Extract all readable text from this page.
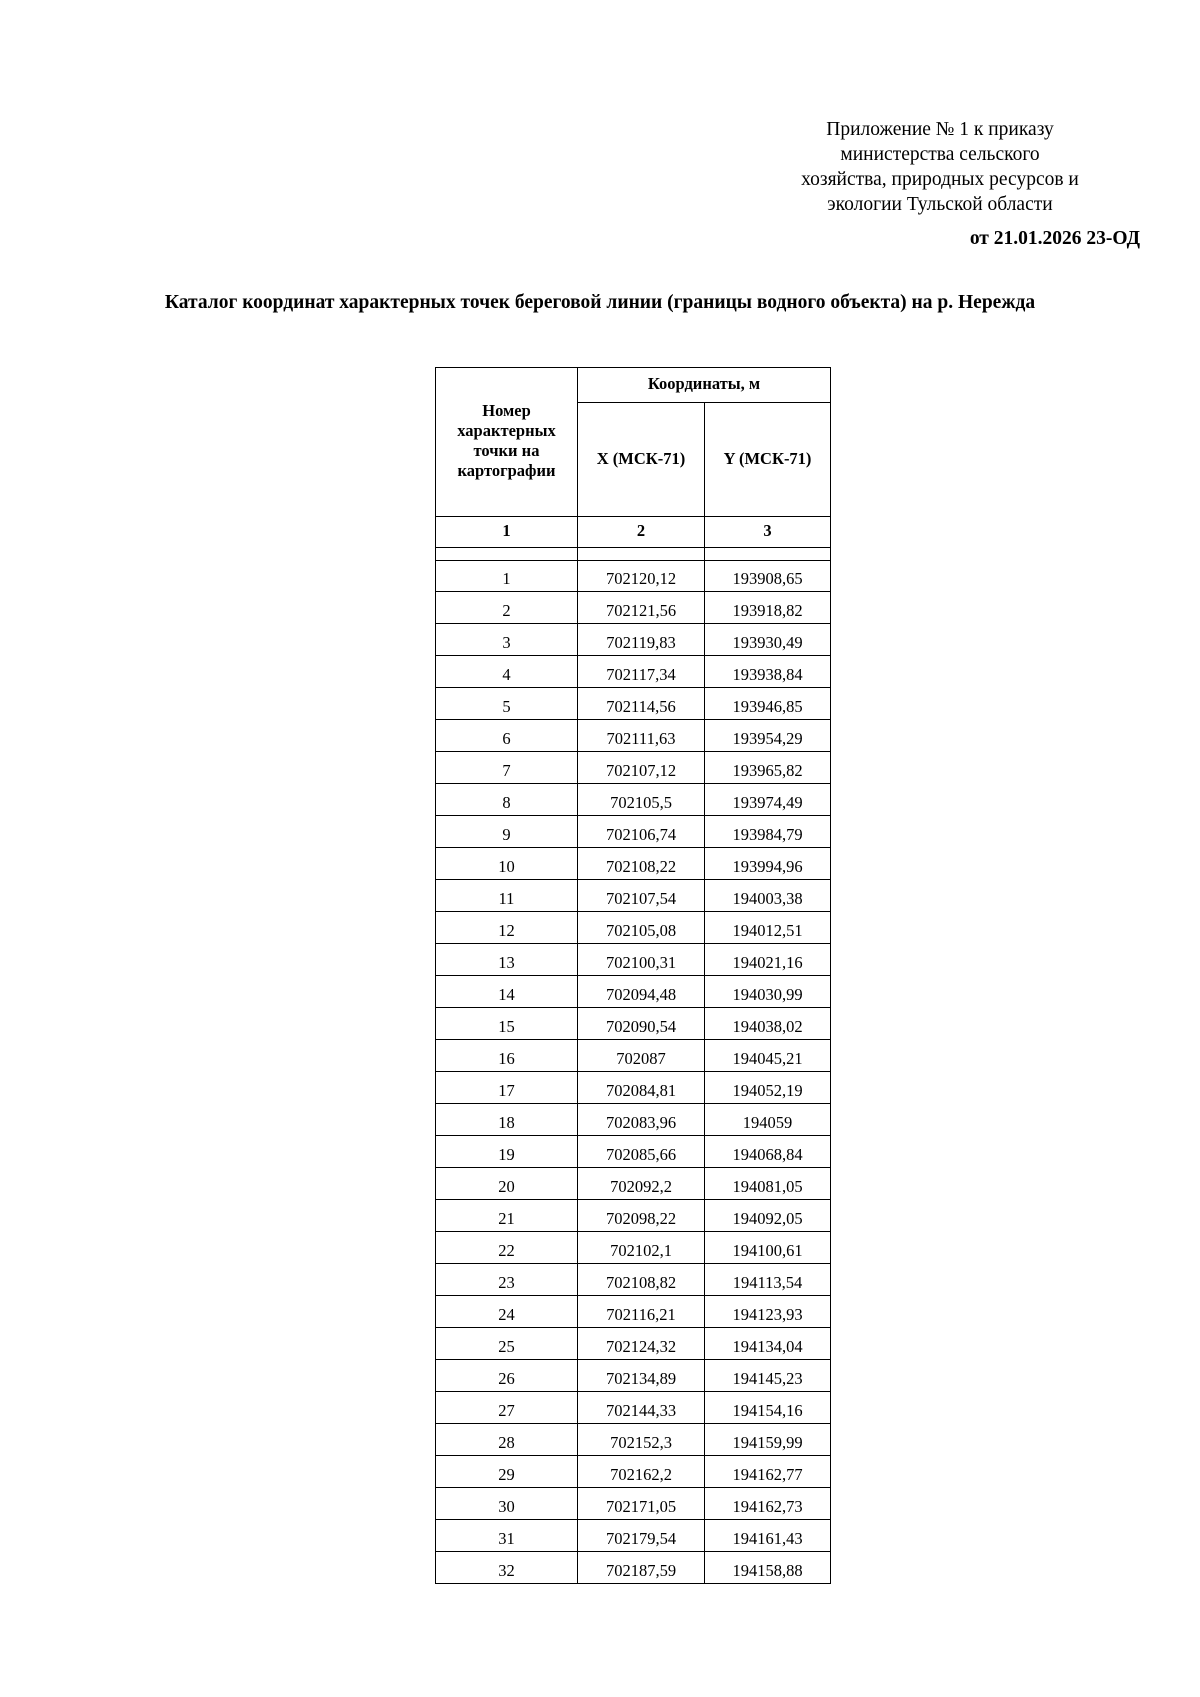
Приложение № 1 к приказу
министерства сельского
хозяйства, природных ресурсов и
экологии Тульской области
от 21.01.2026 23-ОД
Каталог координат характерных точек береговой линии (границы водного объекта) на р. Нережда
Номер характерных точки на картографии	Координаты, м	
	X (МСК-71)	Y (МСК-71)
1	2	3

1	702120,12	193908,65
2	702121,56	193918,82
3	702119,83	193930,49
4	702117,34	193938,84
5	702114,56	193946,85
6	702111,63	193954,29
7	702107,12	193965,82
8	702105,5	193974,49
9	702106,74	193984,79
10	702108,22	193994,96
11	702107,54	194003,38
12	702105,08	194012,51
13	702100,31	194021,16
14	702094,48	194030,99
15	702090,54	194038,02
16	702087	194045,21
17	702084,81	194052,19
18	702083,96	194059
19	702085,66	194068,84
20	702092,2	194081,05
21	702098,22	194092,05
22	702102,1	194100,61
23	702108,82	194113,54
24	702116,21	194123,93
25	702124,32	194134,04
26	702134,89	194145,23
27	702144,33	194154,16
28	702152,3	194159,99
29	702162,2	194162,77
30	702171,05	194162,73
31	702179,54	194161,43
32	702187,59	194158,88
